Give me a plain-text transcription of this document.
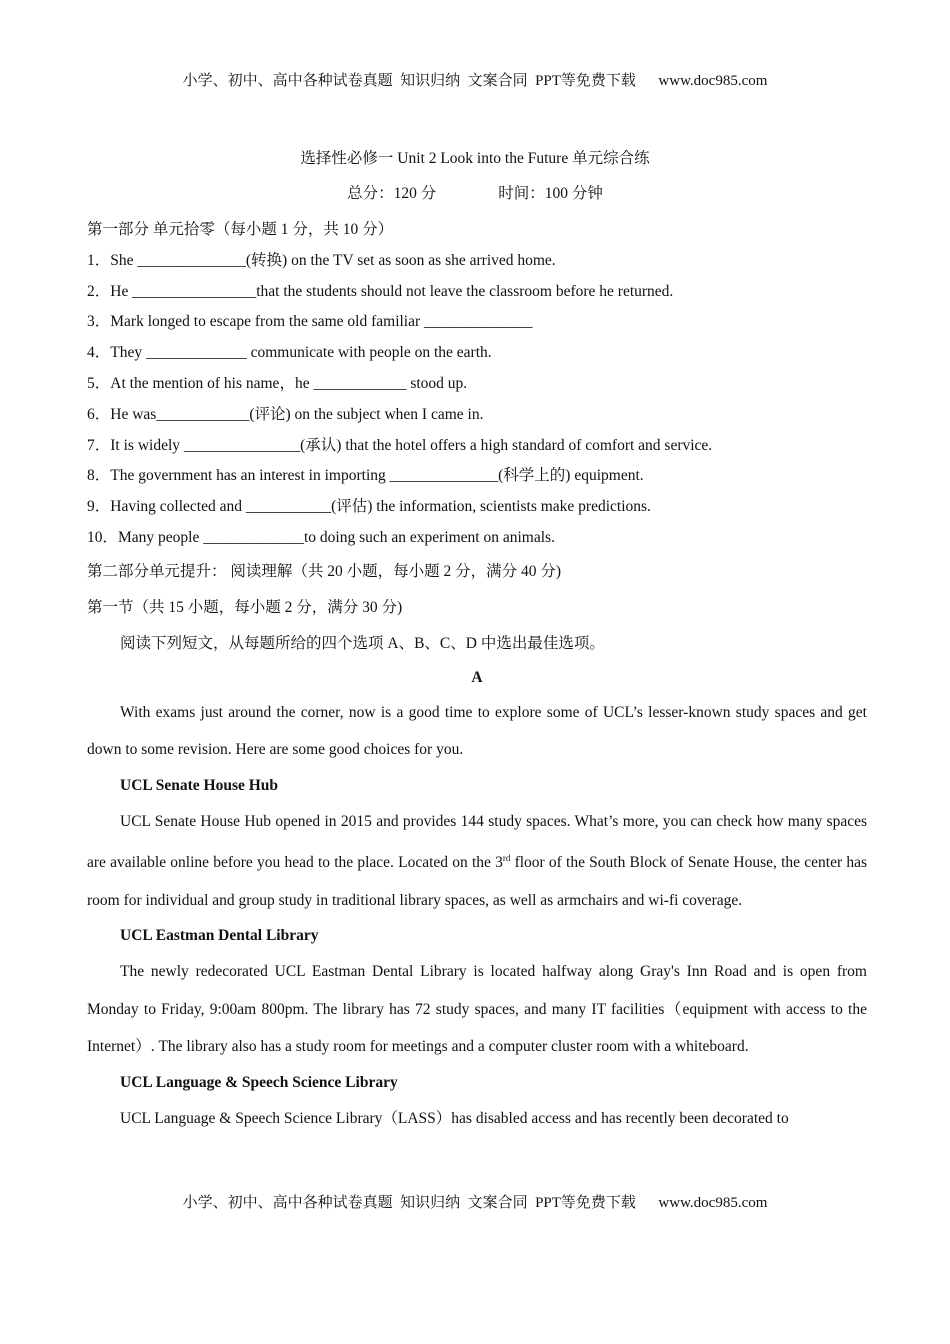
小学、初中、高中各种试卷真题  知识归纳  文案合同  PPT等免费下载      www.doc985.com
选择性必修一 Unit 2 Look into the Future 单元综合练
总分：120 分	时间：100 分钟
第一部分 单元拾零（每小题 1 分，共 10 分）
1．She ______________(转换) on the TV set as soon as she arrived home.
2．He ________________that the students should not leave the classroom before he returned.
3．Mark longed to escape from the same old familiar ______________
4．They _____________ communicate with people on the earth.
5．At the mention of his name，he ____________ stood up.
6．He was____________(评论) on the subject when I came in.
7．It is widely _______________(承认) that the hotel offers a high standard of comfort and service.
8．The government has an interest in importing ______________(科学上的) equipment.
9．Having collected and ___________(评估) the information, scientists make predictions.
10．Many people _____________to doing such an experiment on animals.
第二部分单元提升： 阅读理解（共 20 小题，每小题 2 分，满分 40 分)
第一节（共 15 小题，每小题 2 分，满分 30 分)
阅读下列短文，从每题所给的四个选项 A、B、C、D 中选出最佳选项。
A

With exams just around the corner, now is a good time to explore some of UCL’s lesser-known study spaces and get down to some revision. Here are some good choices for you.

UCL Senate House Hub

UCL Senate House Hub opened in 2015 and provides 144 study spaces. What’s more, you can check how many spaces are available online before you head to the place. Located on the 3rd floor of the South Block of Senate House, the center has room for individual and group study in traditional library spaces, as well as armchairs and wi-fi coverage.

UCL Eastman Dental Library

The newly redecorated UCL Eastman Dental Library is located halfway along Gray's Inn Road and is open from Monday to Friday, 9:00am 800pm. The library has 72 study spaces, and many IT facilities（equipment with access to the Internet）. The library also has a study room for meetings and a computer cluster room with a whiteboard.

UCL Language & Speech Science Library

UCL Language & Speech Science Library（LASS）has disabled access and has recently been decorated to

小学、初中、高中各种试卷真题  知识归纳  文案合同  PPT等免费下载      www.doc985.com
